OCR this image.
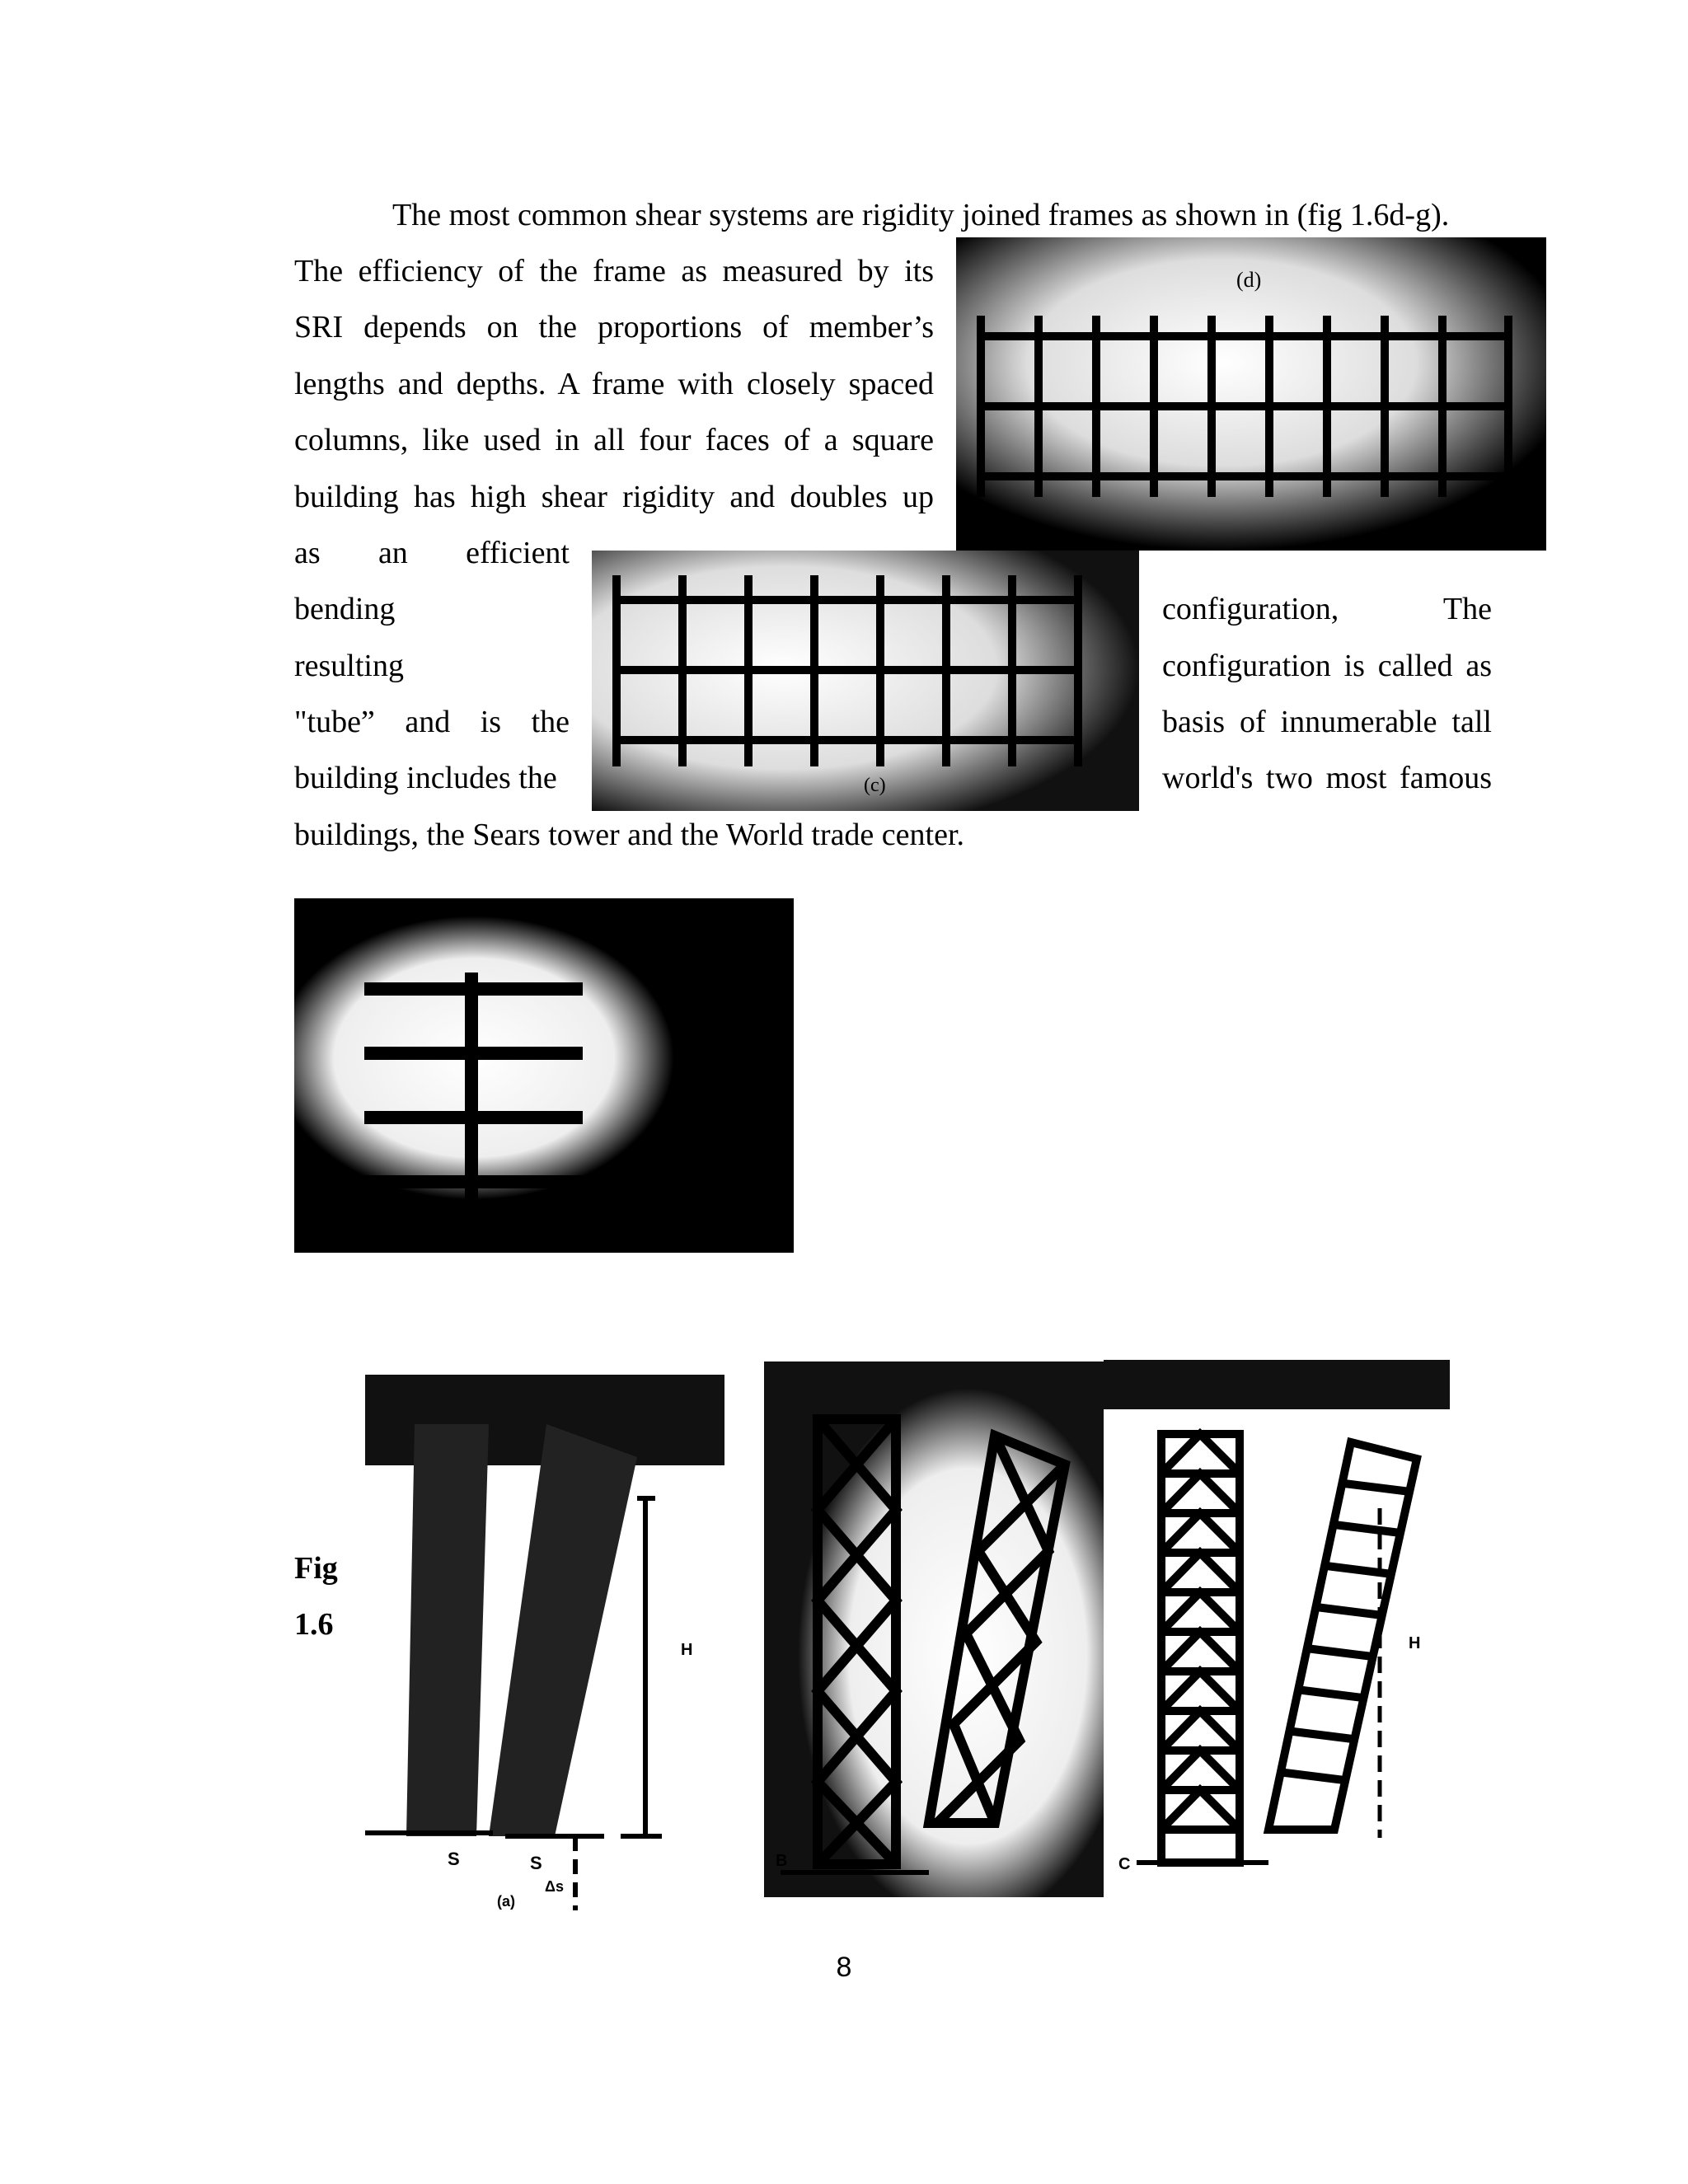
The most common shear systems are rigidity joined frames as shown in (fig 1.6d-g).
The efficiency of the frame as measured by its
SRI depends on the proportions of member’s
lengths and depths. A frame with closely spaced
columns, like used in all four faces of a square
building has high shear rigidity and doubles up
as an efficient
bending	configuration, The
resulting	configuration is called as
"tube” and is the	basis of innumerable tall
building includes the	world's two most famous
buildings, the Sears tower and the World trade center.
(d)
(c)
Fig
1.6
S	S
Δs
H
(a)
B	C
H
8
